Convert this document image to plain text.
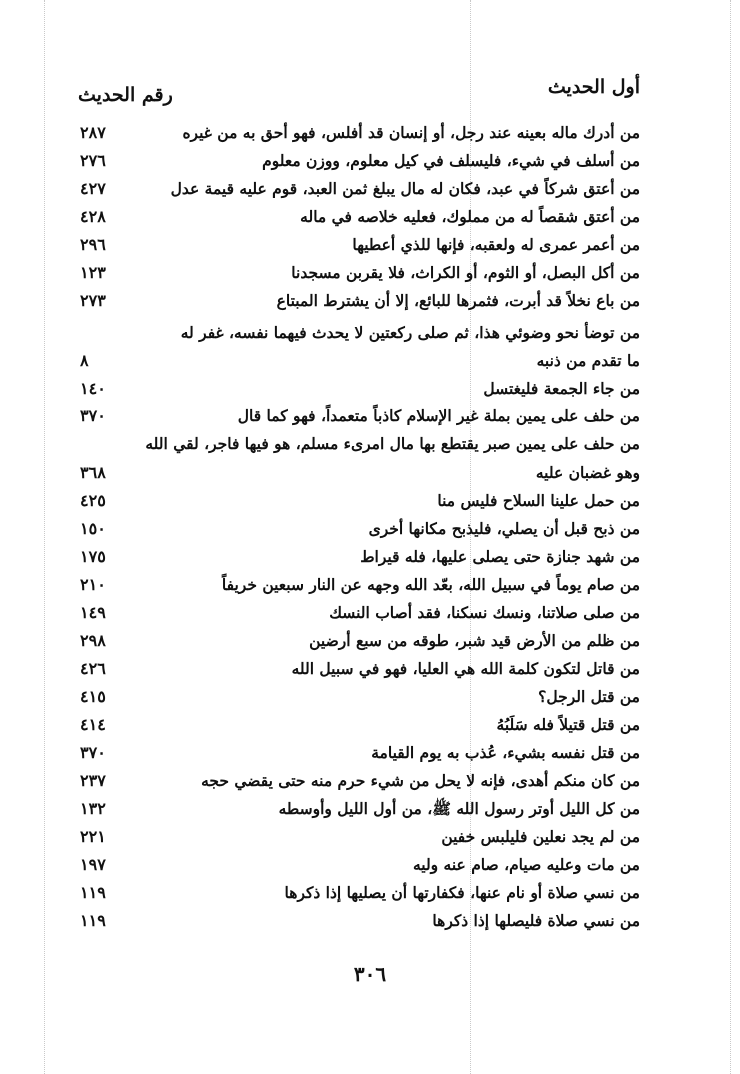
أول الحديث
رقم الحديث
من أدرك ماله بعينه عند رجل، أو إنسان قد أفلس، فهو أحق به من غيره
٢٨٧
من أسلف في شيء، فليسلف في كيل معلوم، ووزن معلوم
٢٧٦
من أعتق شركاً في عبد، فكان له مال يبلغ ثمن العبد، قوم عليه قيمة عدل
٤٢٧
من أعتق شقصاً له من مملوك، فعليه خلاصه في ماله
٤٢٨
من أعمر عمرى له ولعقبه، فإنها للذي أعطيها
٢٩٦
من أكل البصل، أو الثوم، أو الكراث، فلا يقربن مسجدنا
١٢٣
من باع نخلاً قد أبرت، فثمرها للبائع، إلا أن يشترط المبتاع
٢٧٣
من توضأ نحو وضوئي هذا، ثم صلى ركعتين لا يحدث فيهما نفسه، غفر له
ما تقدم من ذنبه
٨
من جاء الجمعة فليغتسل
١٤٠
من حلف على يمين بملة غير الإسلام كاذباً متعمداً، فهو كما قال
٣٧٠
من حلف على يمين صبر يقتطع بها مال امرىء مسلم، هو فيها فاجر، لقي الله
وهو غضبان عليه
٣٦٨
من حمل علينا السلاح فليس منا
٤٢٥
من ذبح قبل أن يصلي، فليذبح مكانها أخرى
١٥٠
من شهد جنازة حتى يصلى عليها، فله قيراط
١٧٥
من صام يوماً في سبيل الله، بعّد الله وجهه عن النار سبعين خريفاً
٢١٠
من صلى صلاتنا، ونسك نسكنا، فقد أصاب النسك
١٤٩
من ظلم من الأرض قيد شبر، طوقه من سبع أرضين
٢٩٨
من قاتل لتكون كلمة الله هي العليا، فهو في سبيل الله
٤٢٦
من قتل الرجل؟
٤١٥
من قتل قتيلاً فله سَلَبُهُ
٤١٤
من قتل نفسه بشيء، عُذب به يوم القيامة
٣٧٠
من كان منكم أهدى، فإنه لا يحل من شيء حرم منه حتى يقضي حجه
٢٣٧
من كل الليل أوتر رسول الله ﷺ، من أول الليل وأوسطه
١٣٢
من لم يجد نعلين فليلبس خفين
٢٢١
من مات وعليه صيام، صام عنه وليه
١٩٧
من نسي صلاة أو نام عنها، فكفارتها أن يصليها إذا ذكرها
١١٩
من نسي صلاة فليصلها إذا ذكرها
١١٩
٣٠٦
